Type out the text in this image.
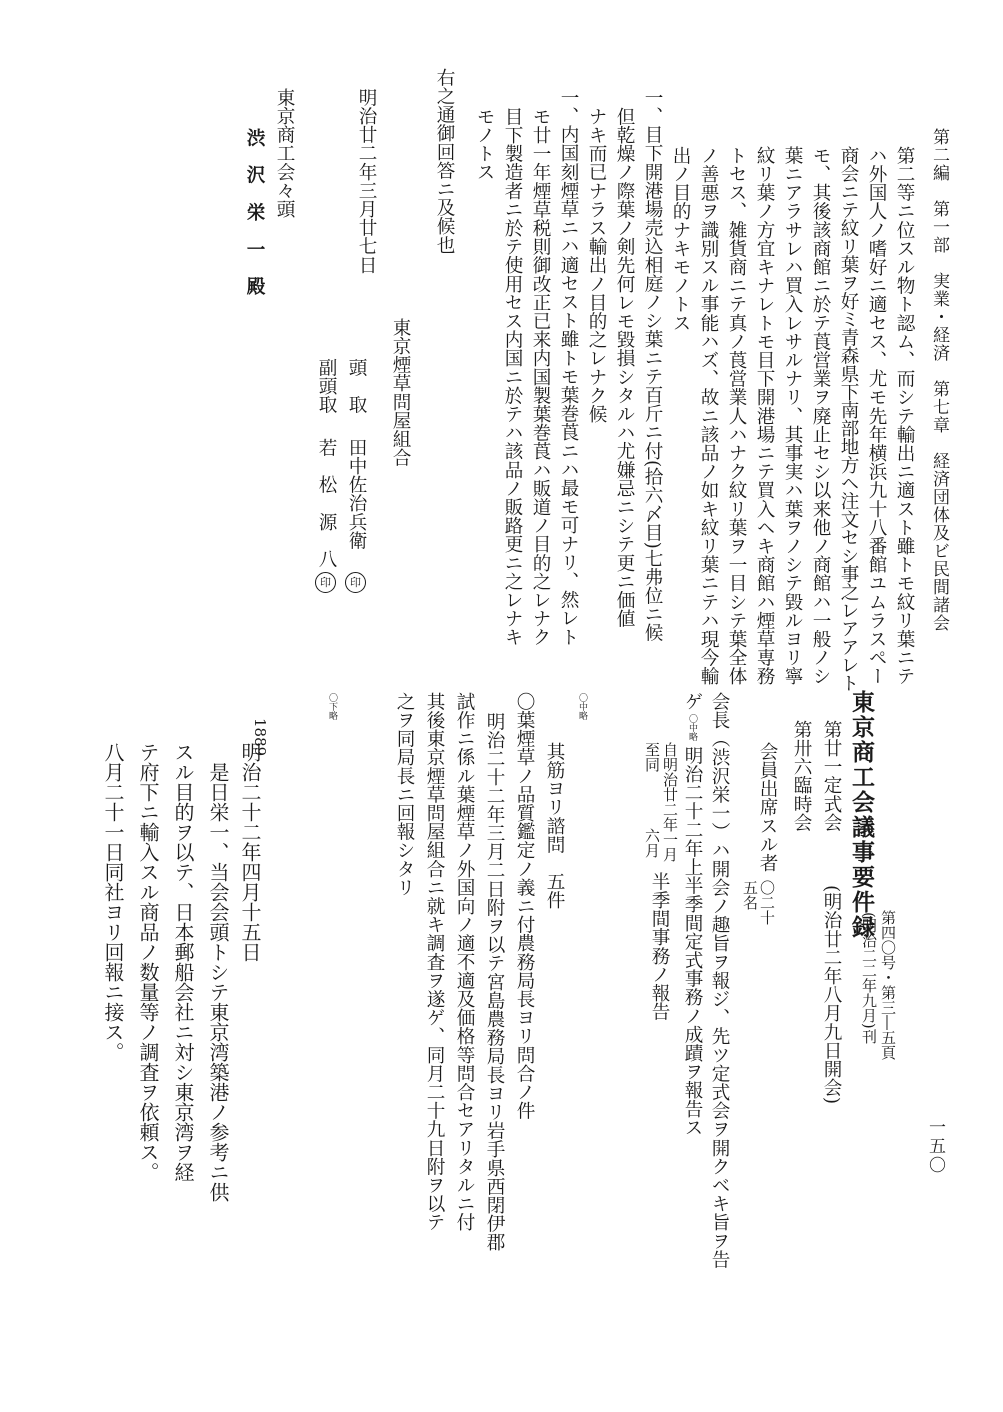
第二編　第一部　実業・経済　第七章　経済団体及ビ民間諸会
一五〇
第二等ニ位スル物ト認ム、而シテ輸出ニ適スト雖トモ紋リ葉ニテ
ハ外国人ノ嗜好ニ適セス、尤モ先年横浜九十八番館ユムラスペー
商会ニテ紋リ葉ヲ好ミ青森県下南部地方ヘ注文セシ事之レアアレト
モ、其後該商館ニ於テ莨営業ヲ廃止セシ以来他ノ商館ハ一般ノシ
葉ニアラサレハ買入レサルナリ、其事実ハ葉ヲノシテ毀ルヨリ寧
紋リ葉ノ方宜キナレトモ目下開港場ニテ買入ヘキ商館ハ煙草専務
トセス、雑貨商ニテ真ノ莨営業人ハナク紋リ葉ヲ一目シテ葉全体
ノ善悪ヲ識別スル事能ハズ、故ニ該品ノ如キ紋リ葉ニテハ現今輸
出ノ目的ナキモノトス
一、目下開港場売込相庭ノシ葉ニテ百斤ニ付(拾六〆目)七弗位ニ候
但乾燥ノ際葉ノ剣先何レモ毀損シタルハ尤嫌忌ニシテ更ニ価値
ナキ而已ナラス輸出ノ目的之レナク候
一、内国刻煙草ニハ適セスト雖トモ葉巻莨ニハ最モ可ナリ、然レト
モ廿一年煙草税則御改正已来内国製葉巻莨ハ販道ノ目的之レナク
目下製造者ニ於テ使用セス内国ニ於テハ該品ノ販路更ニ之レナキ
モノトス
右之通御回答ニ及候也
明治廿二年三月廿七日
東京商工会々頭
渋　沢　栄　一　殿
東京煙草問屋組合
頭　取
田中佐治兵衛
印
副頭取
若　松　源　八
印
東京商工会議事要件録
第四〇号・第三―五頁
(明治二二年九月)刊
第廿一定式会
(明治廿二年八月九日開会)
第卅六臨時会
会員出席スル者
〇二十
五名
会長（渋沢栄一）ハ開会ノ趣旨ヲ報ジ、先ツ定式会ヲ開クベキ旨ヲ告
ゲ
〇中略
明治二十二年上半季間定式事務ノ成蹟ヲ報告ス
自明治廿二年一月
至同
六月
半季間事務ノ報告
〇中略
其筋ヨリ諮問
五件
〇葉煙草ノ品質鑑定ノ義ニ付農務局長ヨリ問合ノ件
明治二十二年三月二日附ヲ以テ宮島農務局長ヨリ岩手県西閉伊郡
試作ニ係ル葉煙草ノ外国向ノ適不適及価格等問合セアリタルニ付
其後東京煙草問屋組合ニ就キ調査ヲ遂ゲ、同月二十九日附ヲ以テ
之ヲ同局長ニ回報シタリ
〇下略
1889
明治二十二年四月十五日
是日栄一、当会会頭トシテ東京湾築港ノ参考ニ供
スル目的ヲ以テ、日本郵船会社ニ対シ東京湾ヲ経
テ府下ニ輸入スル商品ノ数量等ノ調査ヲ依頼ス。
八月二十一日同社ヨリ回報ニ接ス。
